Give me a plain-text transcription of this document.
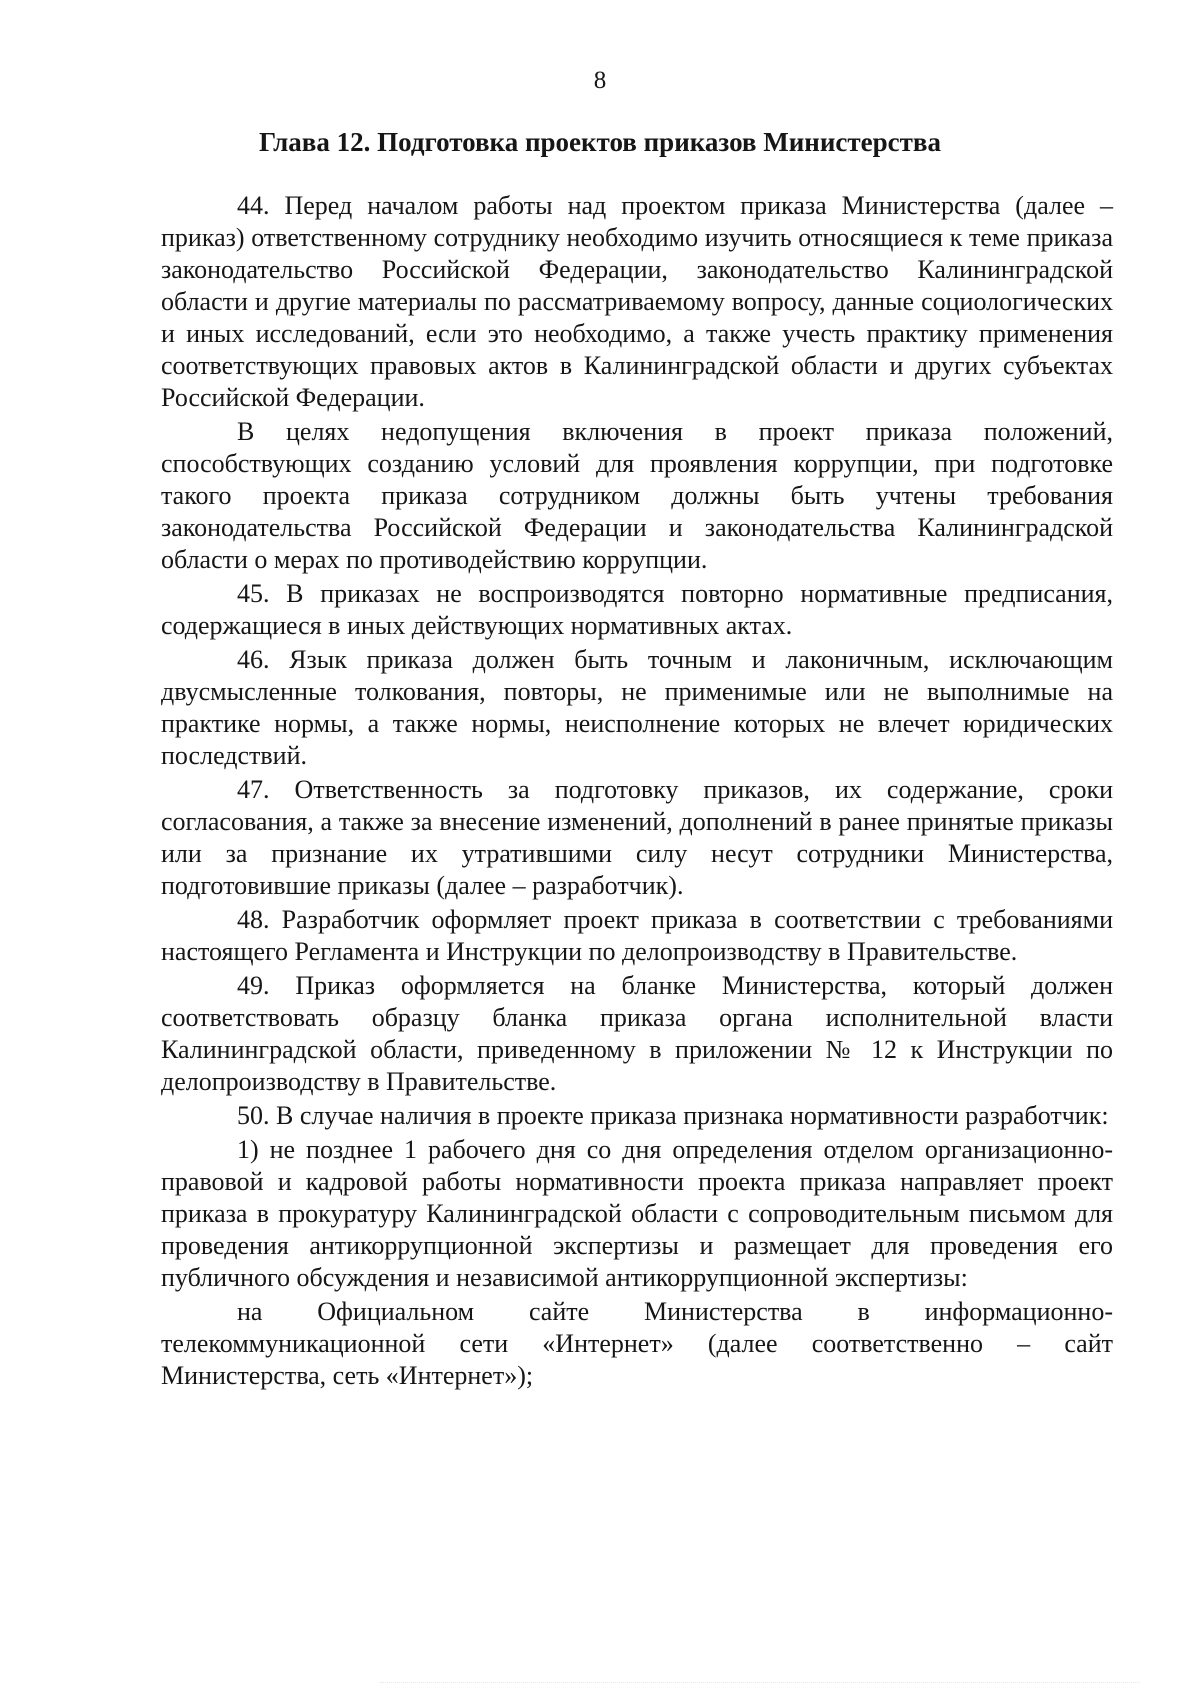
8
Глава 12. Подготовка проектов приказов Министерства

44. Перед началом работы над проектом приказа Министерства (далее – приказ) ответственному сотруднику необходимо изучить относящиеся к теме приказа законодательство Российской Федерации, законодательство Калининградской области и другие материалы по рассматриваемому вопросу, данные социологических и иных исследований, если это необходимо, а также учесть практику применения соответствующих правовых актов в Калининградской области и других субъектах Российской Федерации.

В целях недопущения включения в проект приказа положений, способствующих созданию условий для проявления коррупции, при подготовке такого проекта приказа сотрудником должны быть учтены требования законодательства Российской Федерации и законодательства Калининградской области о мерах по противодействию коррупции.

45. В приказах не воспроизводятся повторно нормативные предписания, содержащиеся в иных действующих нормативных актах.

46. Язык приказа должен быть точным и лаконичным, исключающим двусмысленные толкования, повторы, не применимые или не выполнимые на практике нормы, а также нормы, неисполнение которых не влечет юридических последствий.

47. Ответственность за подготовку приказов, их содержание, сроки согласования, а также за внесение изменений, дополнений в ранее принятые приказы или за признание их утратившими силу несут сотрудники Министерства, подготовившие приказы (далее – разработчик).

48. Разработчик оформляет проект приказа в соответствии с требованиями настоящего Регламента и Инструкции по делопроизводству в Правительстве.

49. Приказ оформляется на бланке Министерства, который должен соответствовать образцу бланка приказа органа исполнительной власти Калининградской области, приведенному в приложении № 12 к Инструкции по делопроизводству в Правительстве.

50. В случае наличия в проекте приказа признака нормативности разработчик:

1) не позднее 1 рабочего дня со дня определения отделом организационно-правовой и кадровой работы нормативности проекта приказа направляет проект приказа в прокуратуру Калининградской области с сопроводительным письмом для проведения антикоррупционной экспертизы и размещает для проведения его публичного обсуждения и независимой антикоррупционной экспертизы:

на Официальном сайте Министерства в информационно-телекоммуникационной сети «Интернет» (далее соответственно – сайт Министерства, сеть «Интернет»);
